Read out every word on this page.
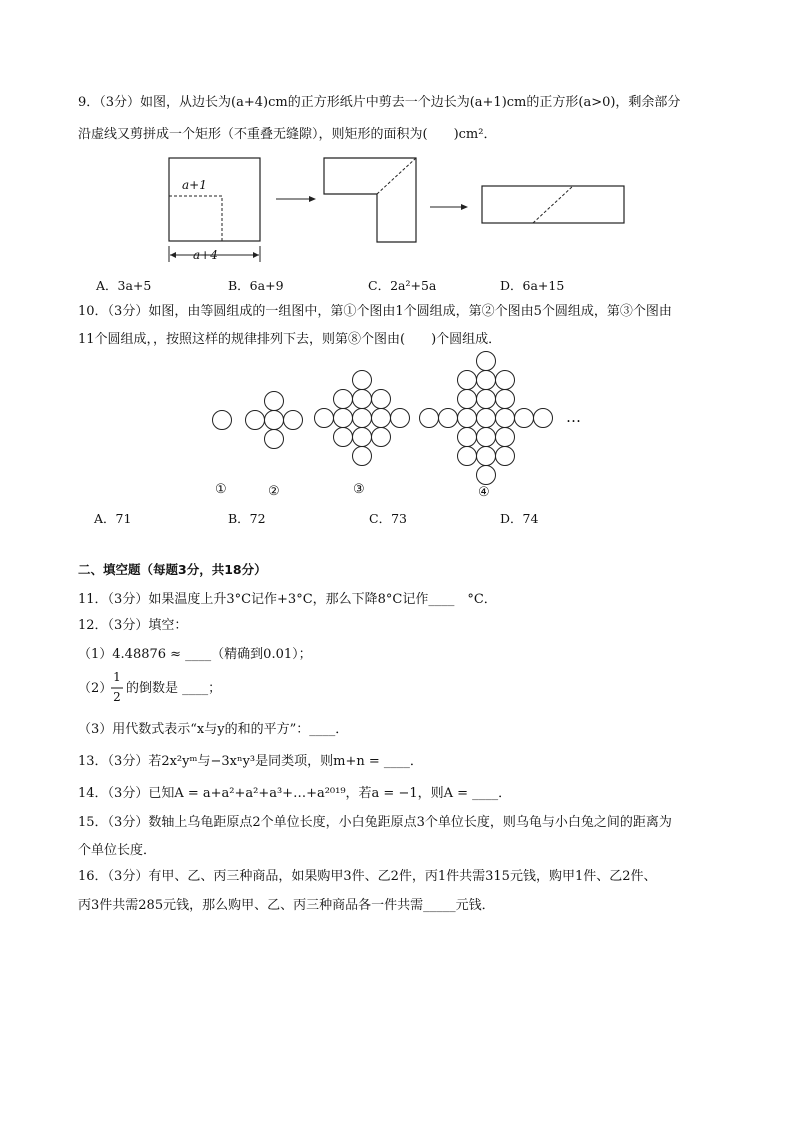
9．（3分）如图，从边长为(a+4)cm的正方形纸片中剪去一个边长为(a+1)cm的正方形(a>0)，剩余部分
沿虚线又剪拼成一个矩形（不重叠无缝隙），则矩形的面积为(　　)cm²．
a+1
a+4
A．3a+5	B．6a+9	C．2a²+5a	D．6a+15
10．（3分）如图，由等圆组成的一组图中，第①个图由1个圆组成，第②个图由5个圆组成，第③个图由
11个圆组成，，按照这样的规律排列下去，则第⑧个图由(　　)个圆组成．
①	②	③	④
…
A．71	B．72	C．73	D．74
二、填空题（每题3分，共18分）
11．（3分）如果温度上升3°C记作+3°C，那么下降8°C记作____　°C．
12．（3分）填空：
（1）4.48876 ≈ ____（精确到0.01）；
（2）
1
2
的倒数是 ____；
（3）用代数式表示“x与y的和的平方”：____．
13．（3分）若2x²yᵐ与−3xⁿy³是同类项，则m+n = ____．
14．（3分）已知A = a+a²+a²+a³+…+a²⁰¹⁹，若a = −1，则A = ____．
15．（3分）数轴上乌龟距原点2个单位长度，小白兔距原点3个单位长度，则乌龟与小白兔之间的距离为
个单位长度．
16．（3分）有甲、乙、丙三种商品，如果购甲3件、乙2件，丙1件共需315元钱，购甲1件、乙2件、
丙3件共需285元钱，那么购甲、乙、丙三种商品各一件共需_____元钱．
